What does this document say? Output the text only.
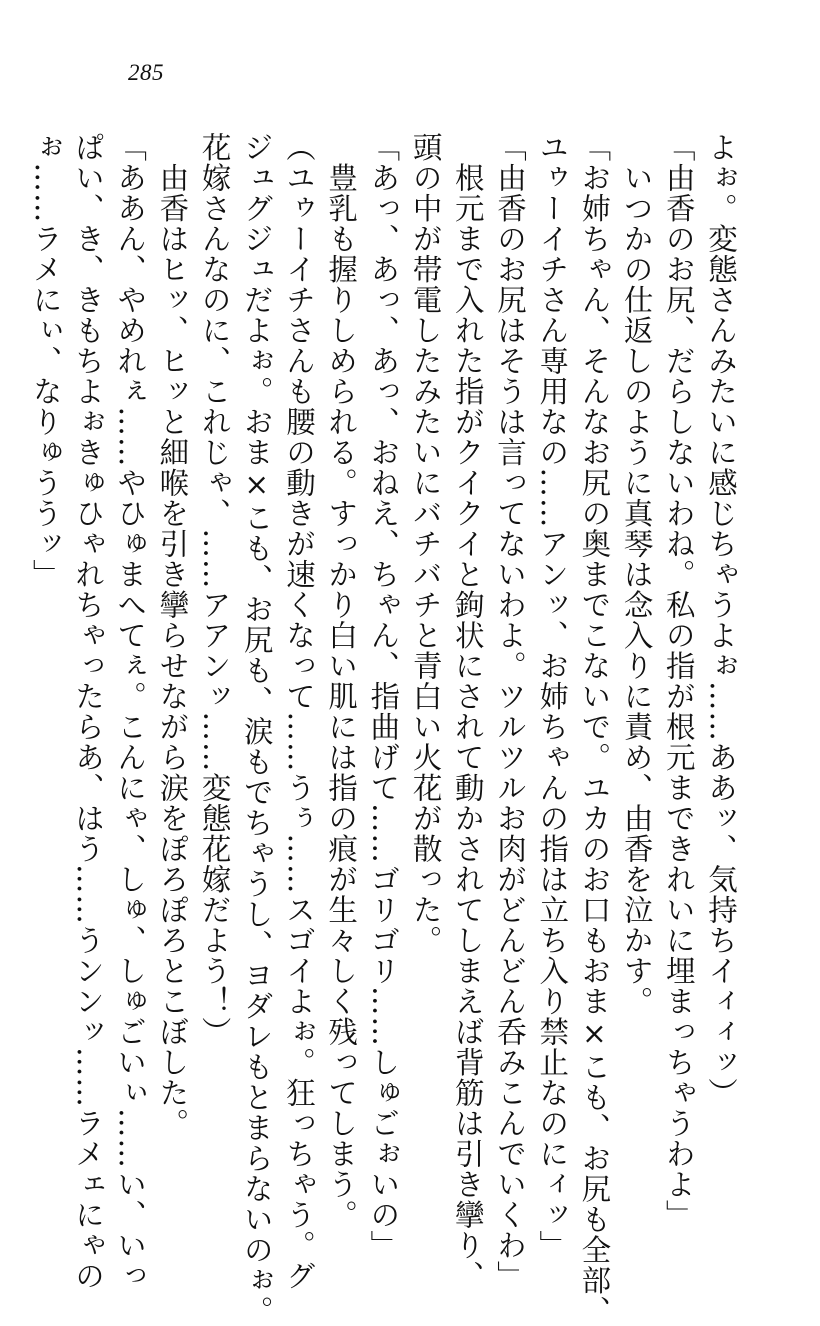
285
よぉ。変態さんみたいに感じちゃうよぉ……ああッ、気持ちイィィッ）
「由香のお尻、だらしないわね。私の指が根元まできれいに埋まっちゃうわよ」
　いつかの仕返しのように真琴は念入りに責め、由香を泣かす。
「お姉ちゃん、そんなお尻の奥までこないで。ユカのお口もおま×こも、お尻も全部、
ユゥーイチさん専用なの……アンッ、お姉ちゃんの指は立ち入り禁止なのにィッ」
「由香のお尻はそうは言ってないわよ。ツルツルお肉がどんどん呑みこんでいくわ」
　根元まで入れた指がクイクイと鉤状にされて動かされてしまえば背筋は引き攣り、
頭の中が帯電したみたいにバチバチと青白い火花が散った。
「あっ、あっ、あっ、おねえ、ちゃん、指曲げて……ゴリゴリ……しゅごぉいの」
　豊乳も握りしめられる。すっかり白い肌には指の痕が生々しく残ってしまう。
（ユゥーイチさんも腰の動きが速くなって……うぅ……スゴイよぉ。狂っちゃう。グ
ジュグジュだよぉ。おま×こも、お尻も、涙もでちゃうし、ヨダレもとまらないのぉ。
花嫁さんなのに、これじゃ、……アアンッ……変態花嫁だよう！）
　由香はヒッ、ヒッと細喉を引き攣らせながら涙をぽろぽろとこぼした。
「ああん、やめれぇ……やひゅまへてぇ。こんにゃ、しゅ、しゅごいぃ……い、いっ
ぱい、き、きもちよぉきゅひゃれちゃったらあ、はう……うンンッ……ラメェにゃの
ぉ……ラメにぃ、なりゅううッ」
